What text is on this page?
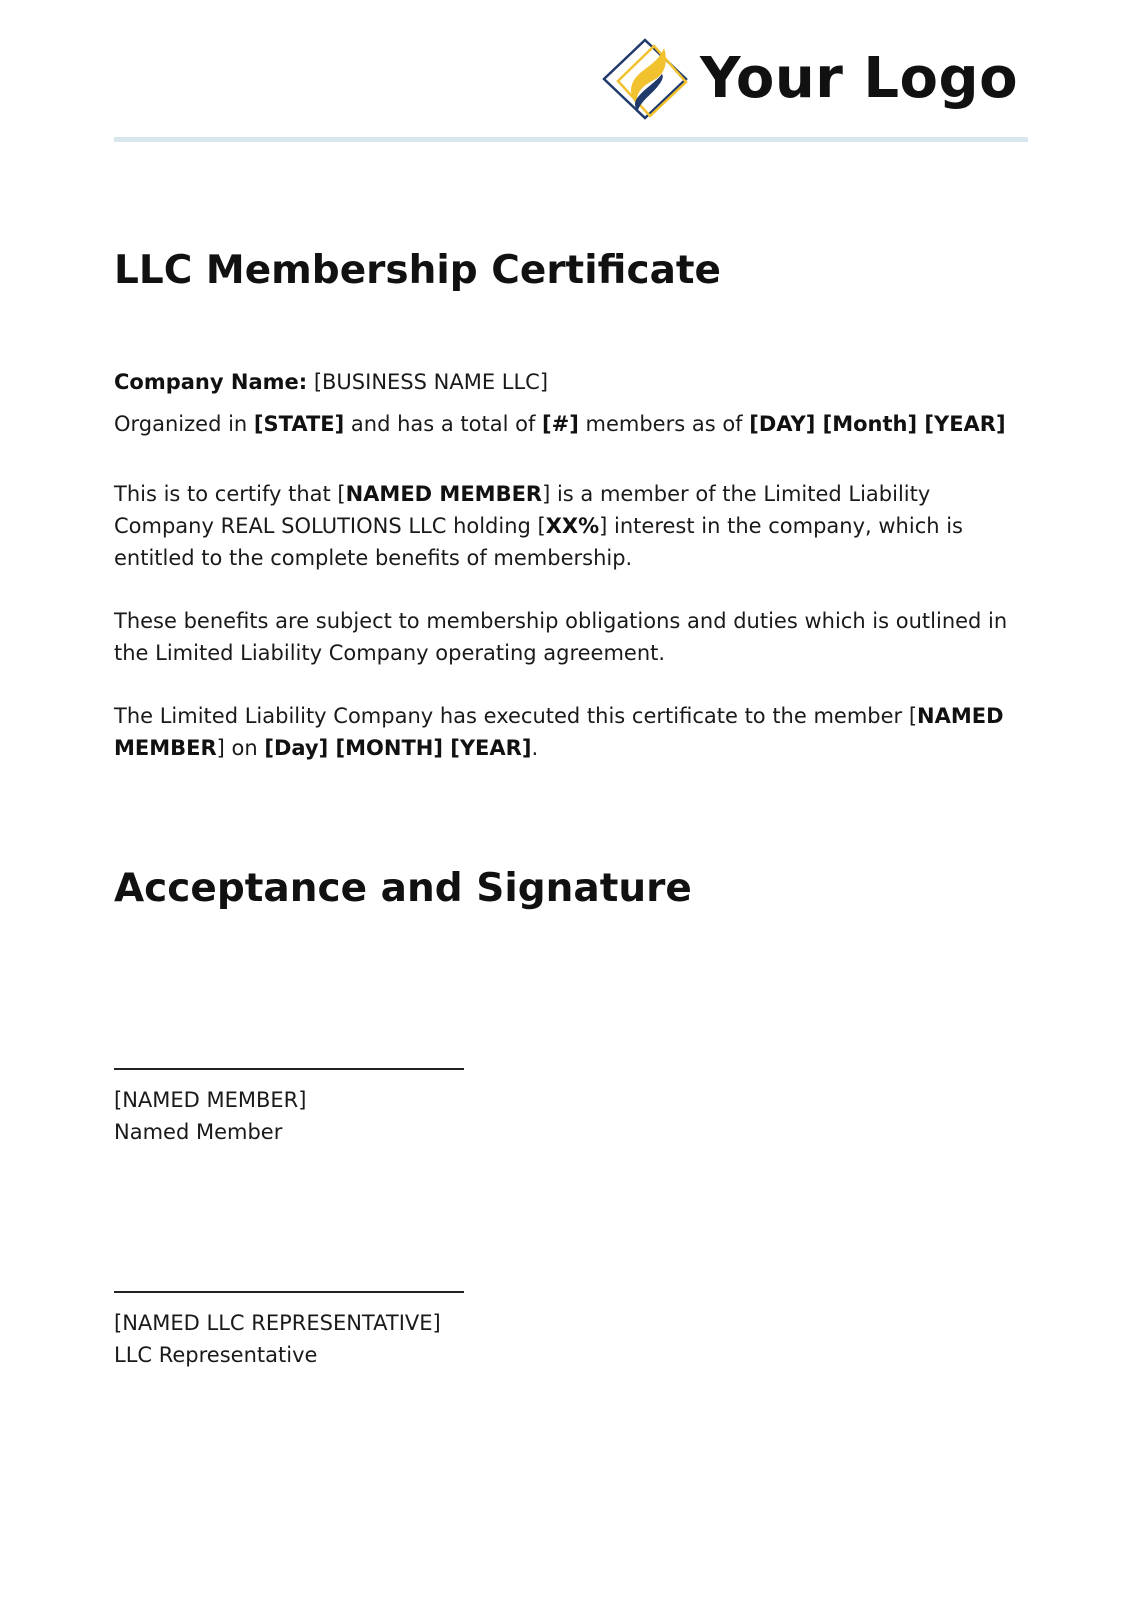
Your Logo
LLC Membership Certificate

Company Name: [BUSINESS NAME LLC]

Organized in [STATE] and has a total of [#] members as of [DAY] [Month] [YEAR]

This is to certify that [NAMED MEMBER] is a member of the Limited Liability Company REAL SOLUTIONS LLC holding [XX%] interest in the company, which is entitled to the complete benefits of membership.

These benefits are subject to membership obligations and duties which is outlined in the Limited Liability Company operating agreement.

The Limited Liability Company has executed this certificate to the member [NAMED MEMBER] on [Day] [MONTH] [YEAR].

Acceptance and Signature
[NAMED MEMBER]
Named Member
[NAMED LLC REPRESENTATIVE]
LLC Representative
